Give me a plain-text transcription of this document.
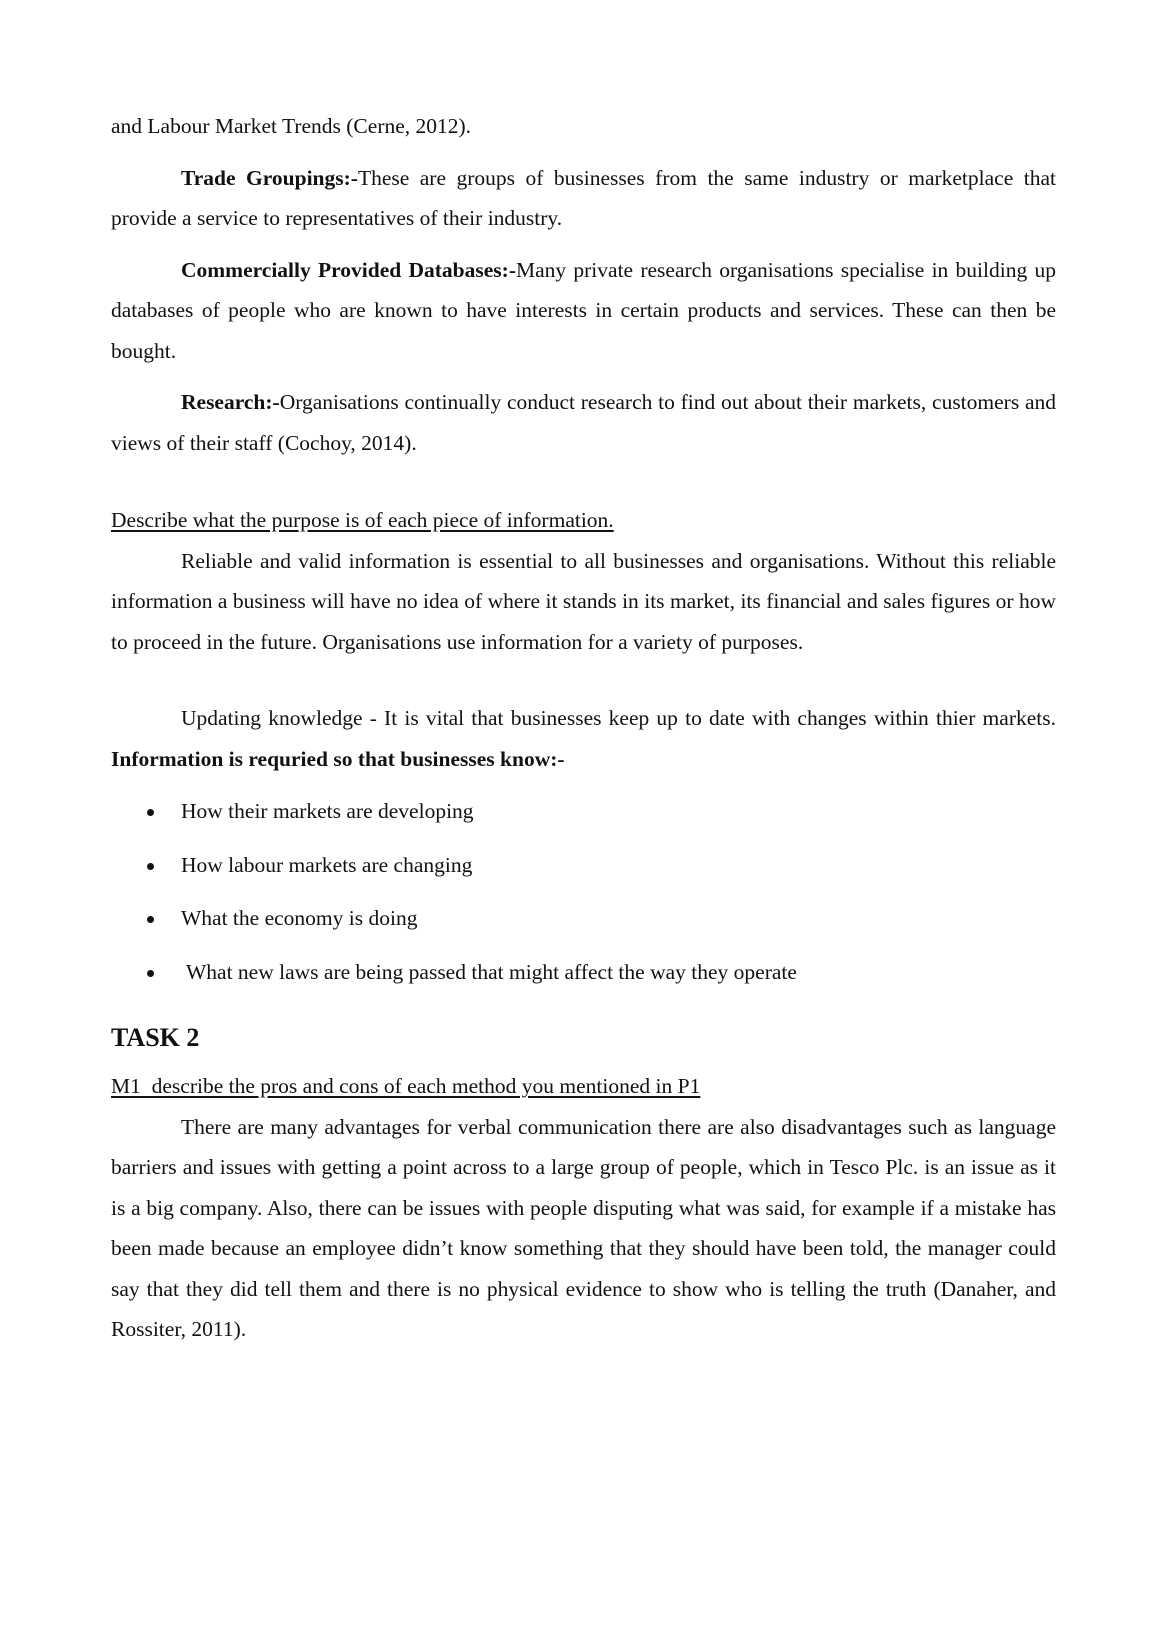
and Labour Market Trends (Cerne, 2012).

Trade Groupings:-These are groups of businesses from the same industry or marketplace that provide a service to representatives of their industry.

Commercially Provided Databases:-Many private research organisations specialise in building up databases of people who are known to have interests in certain products and services. These can then be bought.

Research:-Organisations continually conduct research to find out about their markets, customers and views of their staff (Cochoy, 2014).

Describe what the purpose is of each piece of information.

Reliable and valid information is essential to all businesses and organisations. Without this reliable information a business will have no idea of where it stands in its market, its financial and sales figures or how to proceed in the future. Organisations use information for a variety of purposes.

Updating knowledge - It is vital that businesses keep up to date with changes within thier markets. Information is requried so that businesses know:-

How their markets are developing
How labour markets are changing
What the economy is doing
What new laws are being passed that might affect the way they operate
TASK 2

M1  describe the pros and cons of each method you mentioned in P1

There are many advantages for verbal communication there are also disadvantages such as language barriers and issues with getting a point across to a large group of people, which in Tesco Plc. is an issue as it is a big company. Also, there can be issues with people disputing what was said, for example if a mistake has been made because an employee didn’t know something that they should have been told, the manager could say that they did tell them and there is no physical evidence to show who is telling the truth (Danaher, and Rossiter, 2011).
